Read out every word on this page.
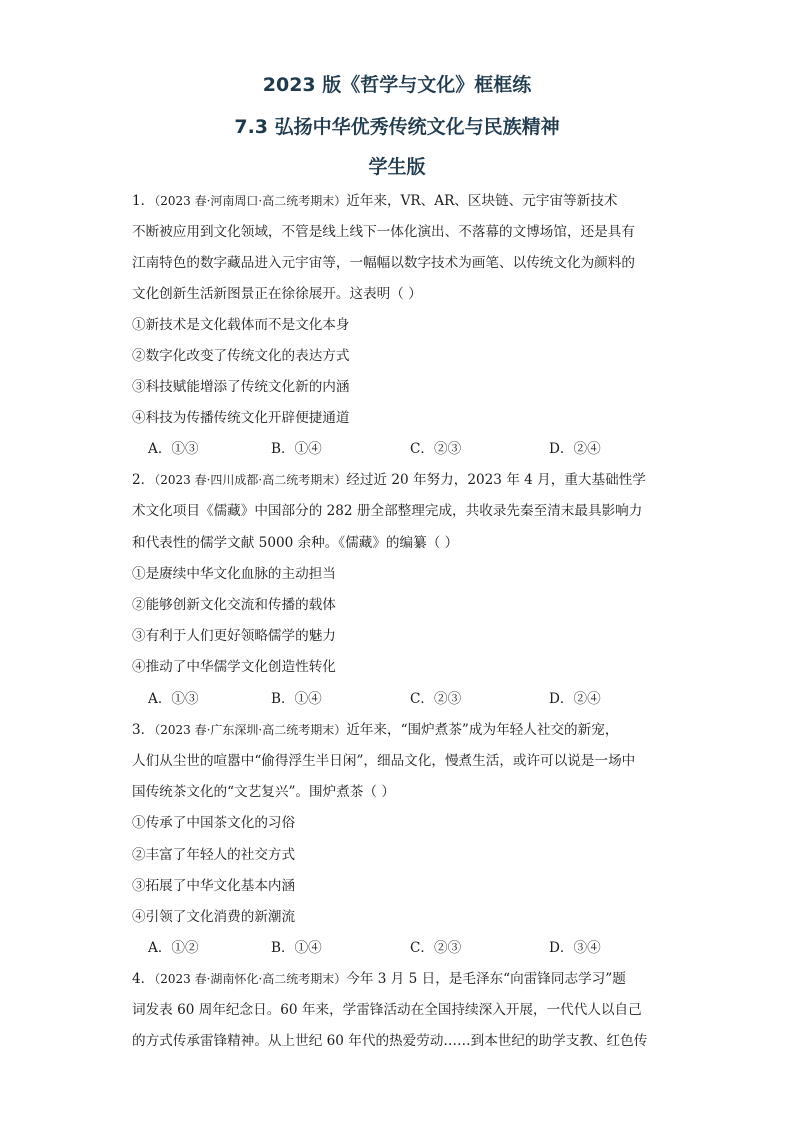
2023 版《哲学与文化》框框练
7.3 弘扬中华优秀传统文化与民族精神
学生版
1．（2023 春·河南周口·高二统考期末）近年来，VR、AR、区块链、元宇宙等新技术
不断被应用到文化领域，不管是线上线下一体化演出、不落幕的文博场馆，还是具有
江南特色的数字藏品进入元宇宙等，一幅幅以数字技术为画笔、以传统文化为颜料的
文化创新生活新图景正在徐徐展开。这表明（ ）
①新技术是文化载体而不是文化本身
②数字化改变了传统文化的表达方式
③科技赋能增添了传统文化新的内涵
④科技为传播传统文化开辟便捷通道
A．①③	B．①④	C．②③	D．②④
2．（2023 春·四川成都·高二统考期末）经过近 20 年努力，2023 年 4 月，重大基础性学
术文化项目《儒藏》中国部分的 282 册全部整理完成，共收录先秦至清末最具影响力
和代表性的儒学文献 5000 余种。《儒藏》的编纂（ ）
①是赓续中华文化血脉的主动担当
②能够创新文化交流和传播的载体
③有利于人们更好领略儒学的魅力
④推动了中华儒学文化创造性转化
A．①③	B．①④	C．②③	D．②④
3．（2023 春·广东深圳·高二统考期末）近年来，“围炉煮茶”成为年轻人社交的新宠，
人们从尘世的喧嚣中“偷得浮生半日闲”，细品文化，慢煮生活，或许可以说是一场中
国传统茶文化的“文艺复兴”。围炉煮茶（ ）
①传承了中国茶文化的习俗
②丰富了年轻人的社交方式
③拓展了中华文化基本内涵
④引领了文化消费的新潮流
A．①②	B．①④	C．②③	D．③④
4．（2023 春·湖南怀化·高二统考期末）今年 3 月 5 日，是毛泽东“向雷锋同志学习”题
词发表 60 周年纪念日。60 年来，学雷锋活动在全国持续深入开展，一代代人以自己
的方式传承雷锋精神。从上世纪 60 年代的热爱劳动……到本世纪的助学支教、红色传
